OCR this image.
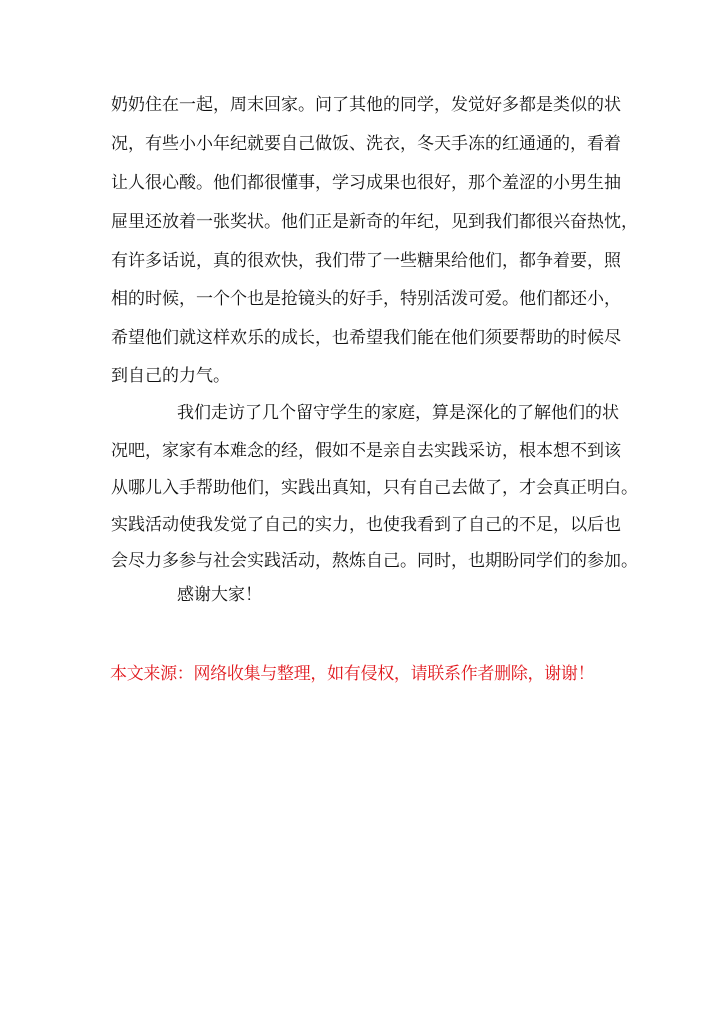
奶奶住在一起，周末回家。问了其他的同学，发觉好多都是类似的状
况，有些小小年纪就要自己做饭、洗衣，冬天手冻的红通通的，看着
让人很心酸。他们都很懂事，学习成果也很好，那个羞涩的小男生抽
屉里还放着一张奖状。他们正是新奇的年纪，见到我们都很兴奋热忱，
有许多话说，真的很欢快，我们带了一些糖果给他们，都争着要，照
相的时候，一个个也是抢镜头的好手，特别活泼可爱。他们都还小，
希望他们就这样欢乐的成长，也希望我们能在他们须要帮助的时候尽
到自己的力气。
我们走访了几个留守学生的家庭，算是深化的了解他们的状
况吧，家家有本难念的经，假如不是亲自去实践采访，根本想不到该
从哪儿入手帮助他们，实践出真知，只有自己去做了，才会真正明白。
实践活动使我发觉了自己的实力，也使我看到了自己的不足，以后也
会尽力多参与社会实践活动，熬炼自己。同时，也期盼同学们的参加。
感谢大家！
本文来源：网络收集与整理，如有侵权，请联系作者删除，谢谢！
